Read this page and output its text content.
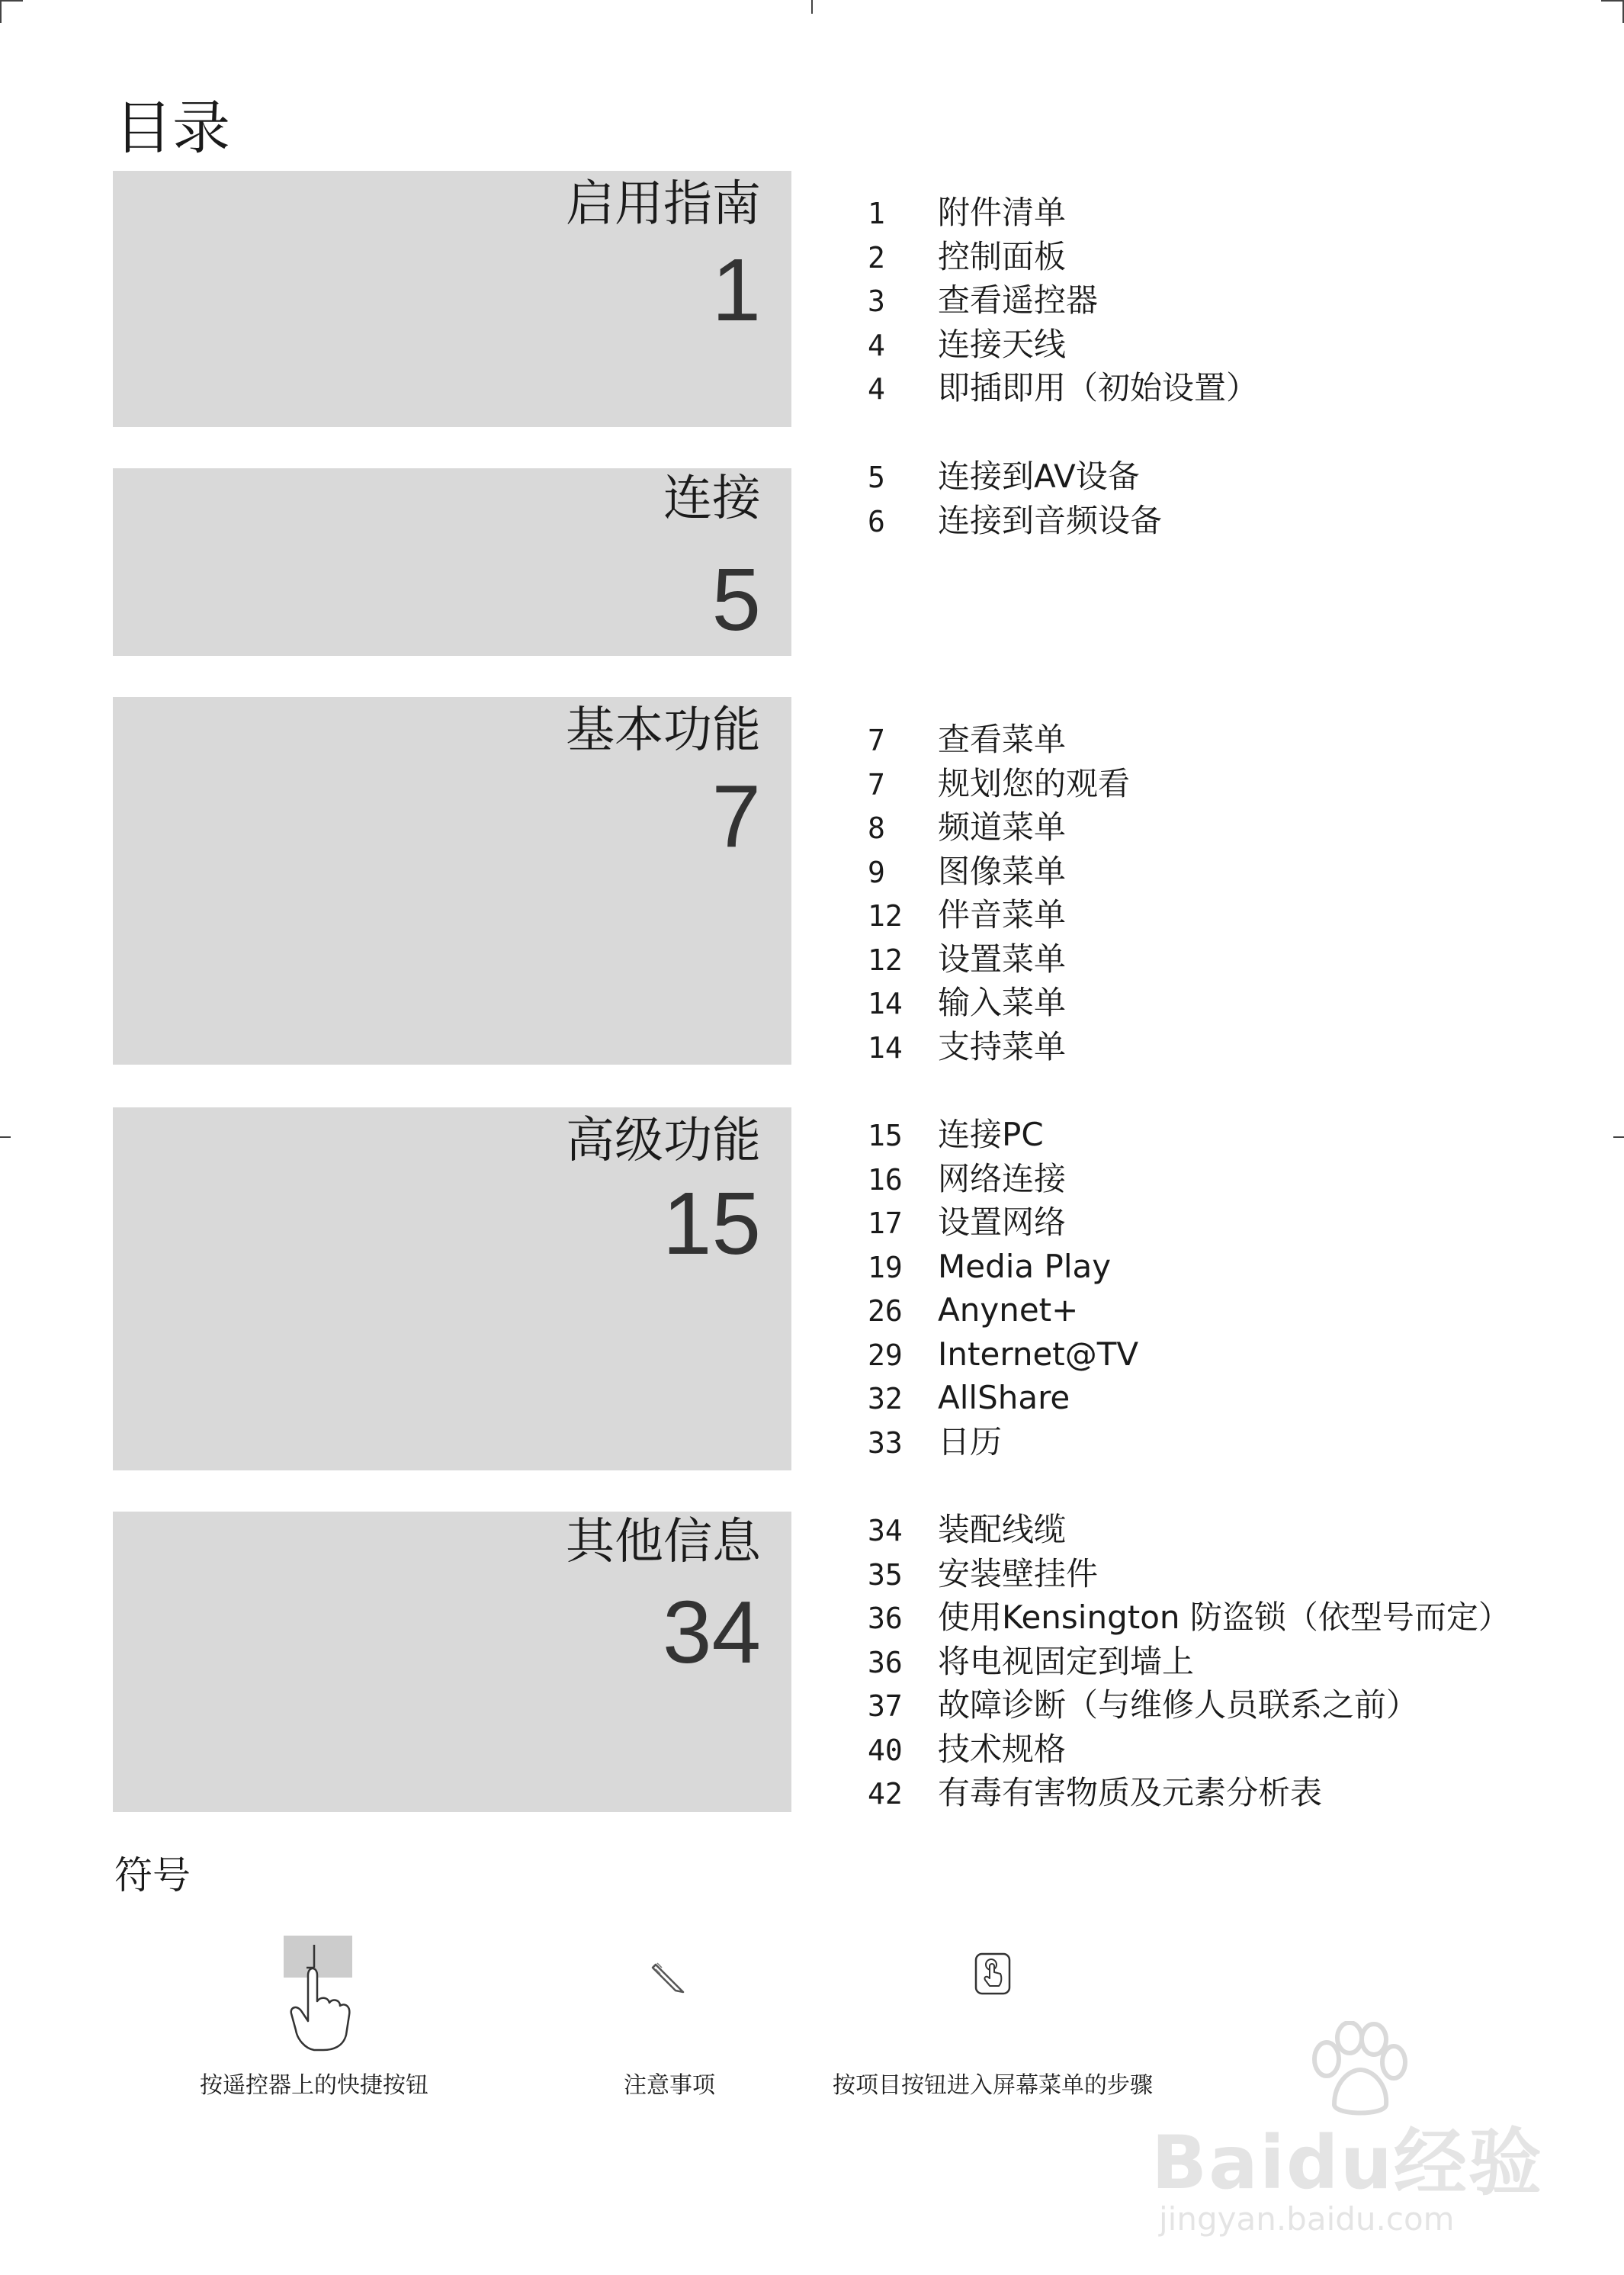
目录
启用指南
1
1 附件清单
2 控制面板
3 查看遥控器
4 连接天线
4 即插即用（初始设置）
连接
5
5 连接到AV设备
6 连接到音频设备
基本功能
7
7 查看菜单
7 规划您的观看
8 频道菜单
9 图像菜单
12 伴音菜单
12 设置菜单
14 输入菜单
14 支持菜单
高级功能
15
15 连接PC
16 网络连接
17 设置网络
19 Media Play
26 Anynet+
29 Internet@TV
32 AllShare
33 日历
其他信息
34
34 装配线缆
35 安装壁挂件
36 使用Kensington 防盗锁（依型号而定）
36 将电视固定到墙上
37 故障诊断（与维修人员联系之前）
40 技术规格
42 有毒有害物质及元素分析表
符号
按遥控器上的快捷按钮	注意事项	按项目按钮进入屏幕菜单的步骤
Baidu经验
jingyan.baidu.com
